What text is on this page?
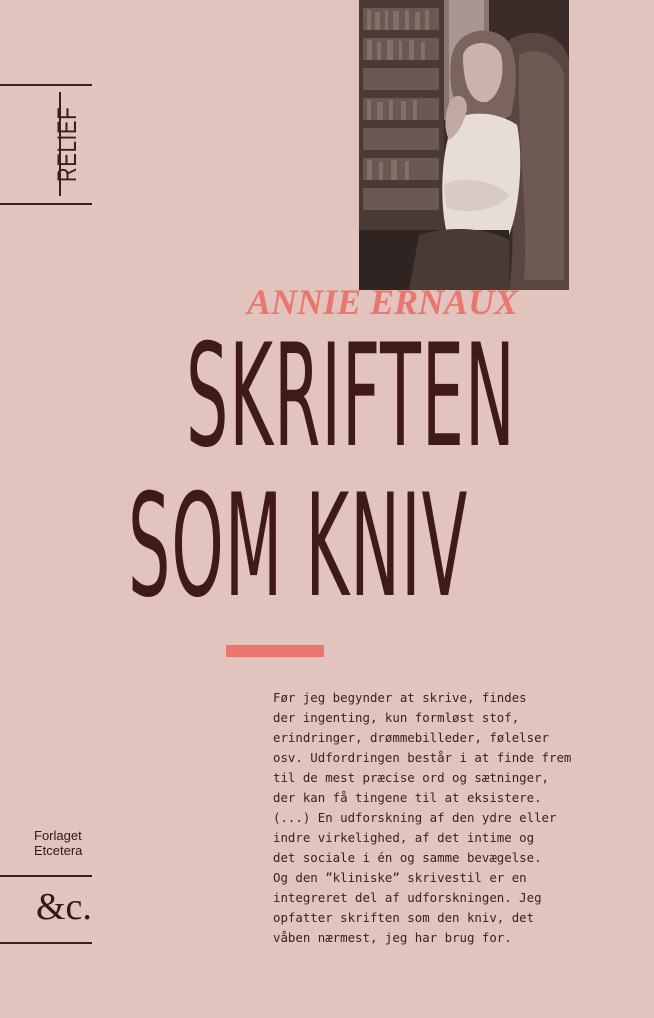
RELIEF
ANNIE ERNAUX
SKRIFTEN
SOM KNIV
Før jeg begynder at skrive, findes
der ingenting, kun formløst stof,
erindringer, drømmebilleder, følelser
osv. Udfordringen består i at finde frem
til de mest præcise ord og sætninger,
der kan få tingene til at eksistere.
(...) En udforskning af den ydre eller
indre virkelighed, af det intime og
det sociale i én og samme bevægelse.
Og den ”kliniske” skrivestil er en
integreret del af udforskningen. Jeg
opfatter skriften som den kniv, det
våben nærmest, jeg har brug for.
Forlaget
Etcetera
&c.
